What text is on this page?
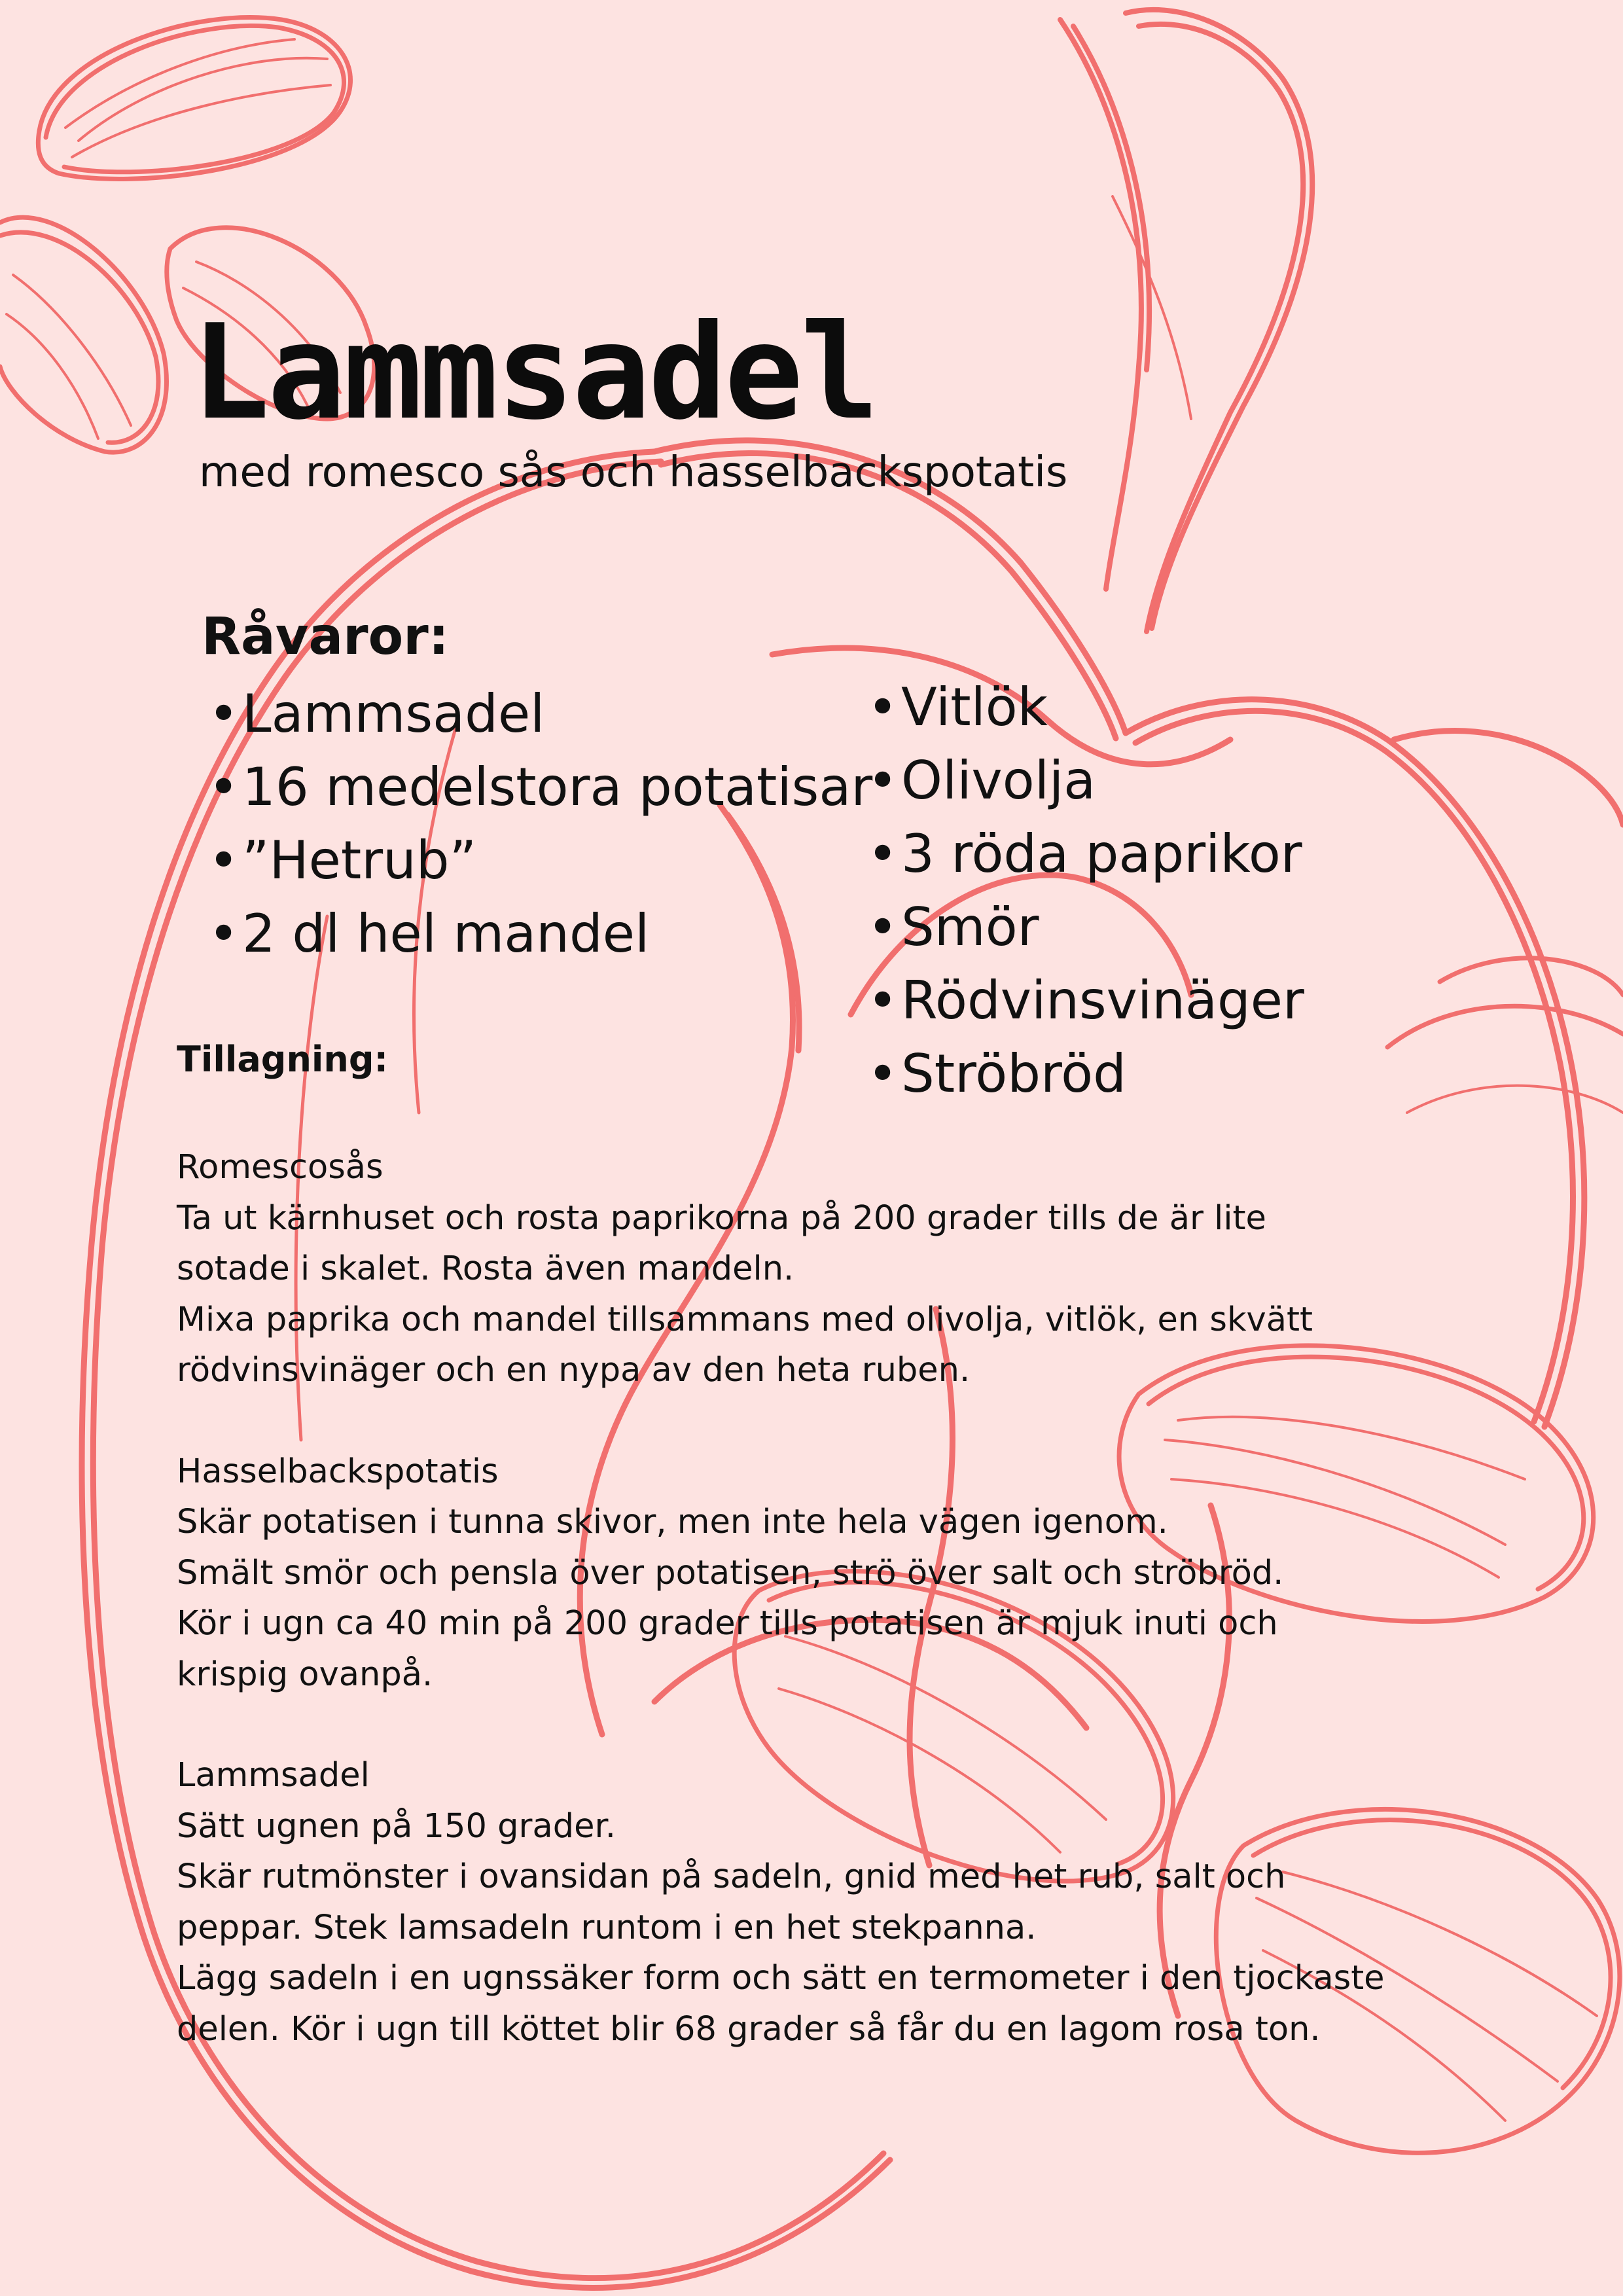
Lammsadel
med romesco sås och hasselbackspotatis
Råvaror:
•Lammsadel
•16 medelstora potatisar
•”Hetrub”
•2 dl hel mandel
•Vitlök
•Olivolja
•3 röda paprikor
•Smör
•Rödvinsvinäger
•Ströbröd
Tillagning:
Romescosås
Ta ut kärnhuset och rosta paprikorna på 200 grader tills de är lite
sotade i skalet. Rosta även mandeln.
Mixa paprika och mandel tillsammans med olivolja, vitlök, en skvätt
rödvinsvinäger och en nypa av den heta ruben.
Hasselbackspotatis
Skär potatisen i tunna skivor, men inte hela vägen igenom.
Smält smör och pensla över potatisen, strö över salt och ströbröd.
Kör i ugn ca 40 min på 200 grader tills potatisen är mjuk inuti och
krispig ovanpå.
Lammsadel
Sätt ugnen på 150 grader.
Skär rutmönster i ovansidan på sadeln, gnid med het rub, salt och
peppar. Stek lamsadeln runtom i en het stekpanna.
Lägg sadeln i en ugnssäker form och sätt en termometer i den tjockaste
delen. Kör i ugn till köttet blir 68 grader så får du en lagom rosa ton.
